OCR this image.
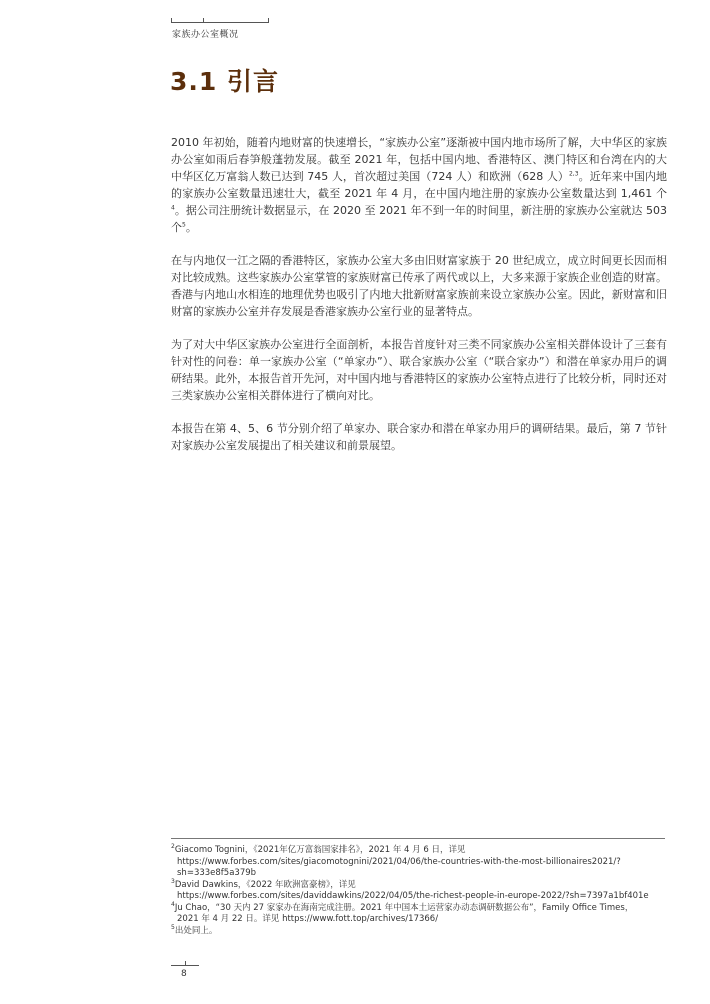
家族办公室概况
3.1 引言

2010 年初始，随着内地财富的快速增长，“家族办公室”逐渐被中国内地市场所了解，大中华区的家族办公室如雨后春笋般蓬勃发展。截至 2021 年，包括中国内地、香港特区、澳门特区和台湾在内的大中华区亿万富翁人数已达到 745 人，首次超过美国（724 人）和欧洲（628 人）$^{2,3}$。近年来中国内地的家族办公室数量迅速壮大，截至 2021 年 4 月，在中国内地注册的家族办公室数量达到 1,461 个$^4$。据公司注册统计数据显示，在 2020 至 2021 年不到一年的时间里，新注册的家族办公室就达 503 个$^5$。

在与内地仅一江之隔的香港特区，家族办公室大多由旧财富家族于 20 世纪成立，成立时间更长因而相对比较成熟。这些家族办公室掌管的家族财富已传承了两代或以上，大多来源于家族企业创造的财富。香港与内地山水相连的地理优势也吸引了内地大批新财富家族前来设立家族办公室。因此，新财富和旧财富的家族办公室并存发展是香港家族办公室行业的显著特点。

为了对大中华区家族办公室进行全面剖析，本报告首度针对三类不同家族办公室相关群体设计了三套有针对性的问卷：单一家族办公室（“单家办”）、联合家族办公室（“联合家办”）和潜在单家办用戶的调研结果。此外，本报告首开先河，对中国内地与香港特区的家族办公室特点进行了比较分析，同时还对三类家族办公室相关群体进行了横向对比。

本报告在第 4、5、6 节分别介绍了单家办、联合家办和潜在单家办用戶的调研结果。最后，第 7 节针对家族办公室发展提出了相关建议和前景展望。

$^2$Giacomo Tognini，《2021年亿万富翁国家排名》，2021 年 4 月 6 日，详见
https://www.forbes.com/sites/giacomotognini/2021/04/06/the-countries-with-the-most-billionaires2021/?sh=333e8f5a379b
$^3$David Dawkins，《2022 年欧洲富豪榜》，详见
https://www.forbes.com/sites/daviddawkins/2022/04/05/the-richest-people-in-europe-2022/?sh=7397a1bf401e
$^4$Ju Chao，“30 天内 27 家家办在海南完成注册。2021 年中国本土运营家办动态调研数据公布”，Family Office Times，
2021 年 4 月 22 日。详见 https://www.fott.top/archives/17366/
$^5$出处同上。
8
